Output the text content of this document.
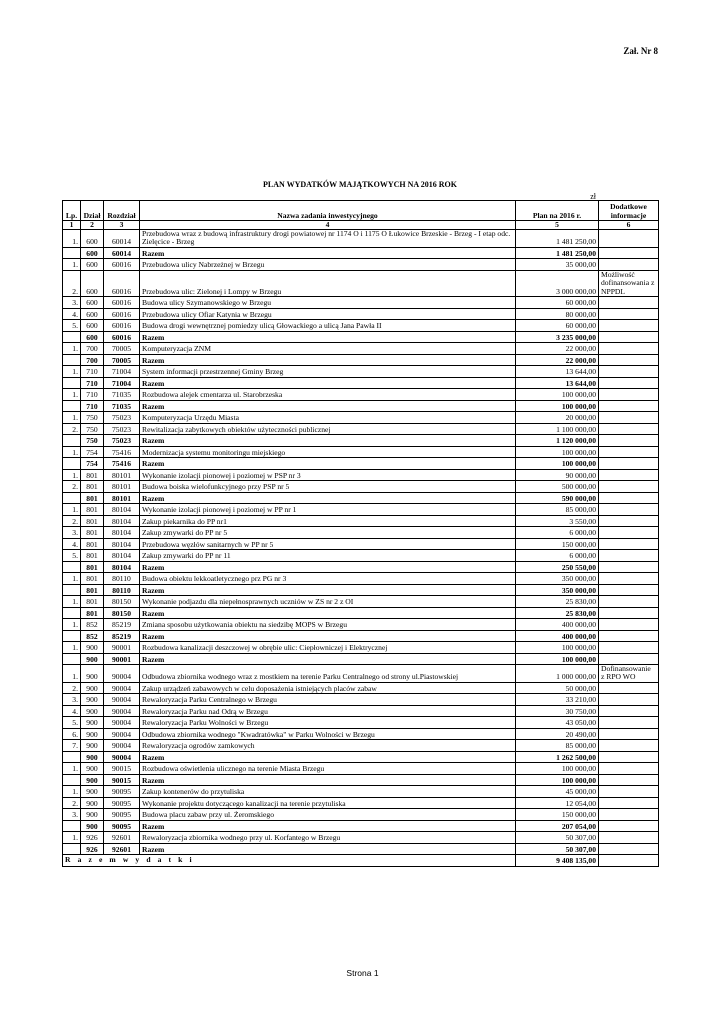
Zał. Nr 8
PLAN WYDATKÓW MAJĄTKOWYCH NA 2016 ROK
zł
Lp.	Dział	Rozdział	Nazwa zadania inwestycyjnego	Plan na 2016 r.	Dodatkowe informacje
1	2	3	4	5	6
1.	600	60014	Przebudowa wraz z budową infrastruktury drogi powiatowej nr 1174 O i 1175 O Łukowice Brzeskie - Brzeg - I etap odc. Zielęcice - Brzeg	1 481 250,00	
	600	60014	Razem	1 481 250,00	
1.	600	60016	Przebudowa ulicy Nabrzeżnej w Brzegu	35 000,00	
2.	600	60016	Przebudowa ulic: Zielonej i Lompy w Brzegu	3 000 000,00	Możliwość dofinansowania z NPPDL
3.	600	60016	Budowa ulicy Szymanowskiego w Brzegu	60 000,00	
4.	600	60016	Przebudowa ulicy Ofiar Katynia w Brzegu	80 000,00	
5.	600	60016	Budowa drogi wewnętrznej pomiedzy ulicą Głowackiego a ulicą Jana Pawła II	60 000,00	
	600	60016	Razem	3 235 000,00	
1.	700	70005	Komputeryzacja ZNM	22 000,00	
	700	70005	Razem	22 000,00	
1.	710	71004	System informacji przestrzennej Gminy Brzeg	13 644,00	
	710	71004	Razem	13 644,00	
1.	710	71035	Rozbudowa alejek cmentarza ul. Starobrzeska	100 000,00	
	710	71035	Razem	100 000,00	
1.	750	75023	Komputeryzacja Urzędu Miasta	20 000,00	
2.	750	75023	Rewitalizacja zabytkowych obiektów użyteczności publicznej	1 100 000,00	
	750	75023	Razem	1 120 000,00	
1.	754	75416	Modernizacja systemu monitoringu miejskiego	100 000,00	
	754	75416	Razem	100 000,00	
1.	801	80101	Wykonanie izolacji pionowej i poziomej w PSP nr 3	90 000,00	
2.	801	80101	Budowa boiska wielofunkcyjnego przy PSP nr 5	500 000,00	
	801	80101	Razem	590 000,00	
1.	801	80104	Wykonanie izolacji pionowej i poziomej w PP nr 1	85 000,00	
2.	801	80104	Zakup piekarnika do PP nr1	3 550,00	
3.	801	80104	Zakup zmywarki do PP nr 5	6 000,00	
4.	801	80104	Przebudowa węzłów sanitarnych w PP nr 5	150 000,00	
5.	801	80104	Zakup zmywarki do PP nr 11	6 000,00	
	801	80104	Razem	250 550,00	
1.	801	80110	Budowa obiektu lekkoatletycznego prz PG nr 3	350 000,00	
	801	80110	Razem	350 000,00	
1.	801	80150	Wykonanie podjazdu dla niepełnosprawnych uczniów w ZS nr 2 z OI	25 830,00	
	801	80150	Razem	25 830,00	
1.	852	85219	Zmiana sposobu użytkowania obiektu na siedzibę MOPS w Brzegu	400 000,00	
	852	85219	Razem	400 000,00	
1.	900	90001	Rozbudowa kanalizacji deszczowej w obrębie ulic: Ciepłowniczej i Elektrycznej	100 000,00	
	900	90001	Razem	100 000,00	
1.	900	90004	Odbudowa zbiornika wodnego wraz z mostkiem na terenie Parku Centralnego od strony ul.Piastowskiej	1 000 000,00	Dofinansowanie z RPO WO
2.	900	90004	Zakup urządzeń zabawowych w celu doposażenia istniejących placów zabaw	50 000,00	
3.	900	90004	Rewaloryzacja Parku Centralnego w Brzegu	33 210,00	
4.	900	90004	Rewaloryzacja Parku nad Odrą w Brzegu	30 750,00	
5.	900	90004	Rewaloryzacja Parku Wolności w Brzegu	43 050,00	
6.	900	90004	Odbudowa zbiornika wodnego "Kwadratówka" w Parku Wolności w Brzegu	20 490,00	
7.	900	90004	Rewaloryzacja ogrodów zamkowych	85 000,00	
	900	90004	Razem	1 262 500,00	
1.	900	90015	Rozbudowa oświetlenia ulicznego na terenie Miasta Brzegu	100 000,00	
	900	90015	Razem	100 000,00	
1.	900	90095	Zakup kontenerów do przytuliska	45 000,00	
2.	900	90095	Wykonanie projektu dotyczącego kanalizacji na terenie przytuliska	12 054,00	
3.	900	90095	Budowa placu zabaw przy ul. Żeromskiego	150 000,00	
	900	90095	Razem	207 054,00	
1.	926	92601	Rewaloryzacja zbiornika wodnego przy ul. Korfantego w Brzegu	50 307,00	
	926	92601	Razem	50 307,00	
R a z e m w y d a t k i				9 408 135,00	
Strona 1
